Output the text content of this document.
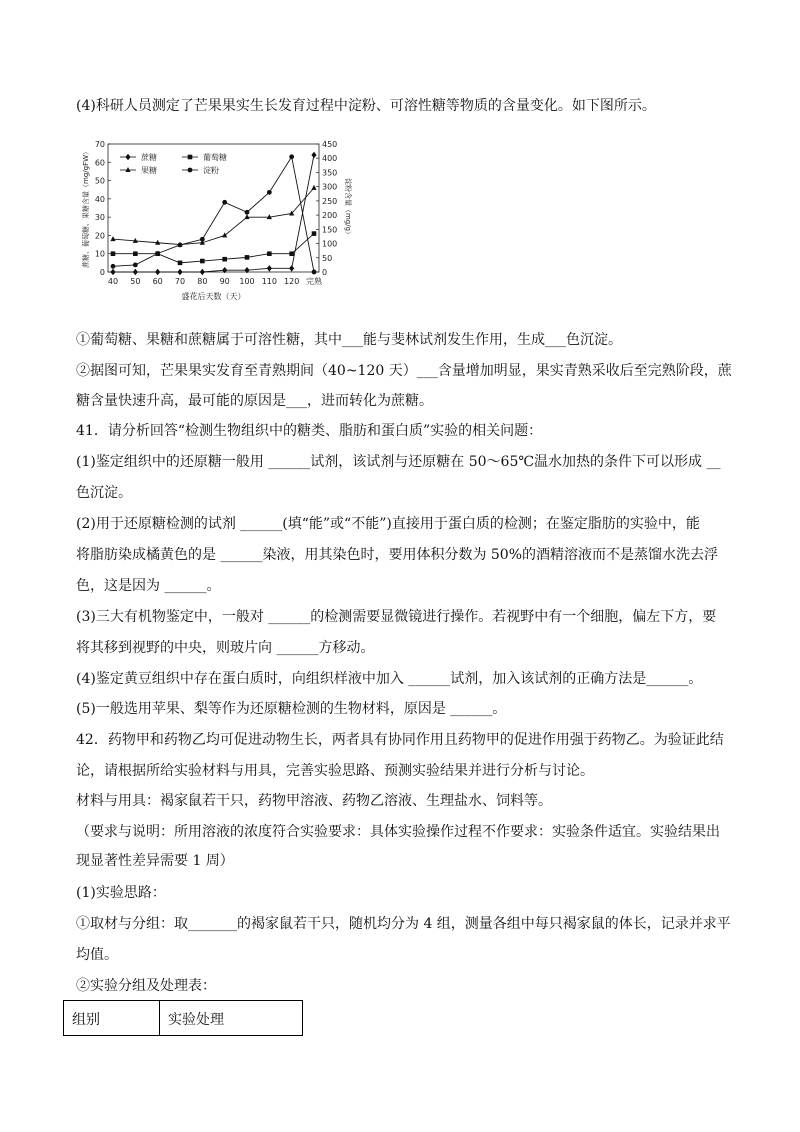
(4)科研人员测定了芒果果实生长发育过程中淀粉、可溶性糖等物质的含量变化。如下图所示。
0
10
20
30
40
50
60
70
0
50
100
150
200
250
300
350
400
450
40 50 60 70 80 90 100 110 120 完熟
盛花后天数（天）
蔗糖、葡萄糖、果糖含量（mg/gFW）	淀粉含量（mg/g）
蔗糖	葡萄糖
果糖	淀粉
①葡萄糖、果糖和蔗糖属于可溶性糖，其中___能与斐林试剂发生作用，生成___色沉淀。
②据图可知，芒果果实发育至青熟期间（40~120 天）___含量增加明显，果实青熟采收后至完熟阶段，蔗
糖含量快速升高，最可能的原因是___，进而转化为蔗糖。
41．请分析回答“检测生物组织中的糖类、脂肪和蛋白质”实验的相关问题：
(1)鉴定组织中的还原糖一般用 ______试剂，该试剂与还原糖在 50～65℃温水加热的条件下可以形成 __
色沉淀。
(2)用于还原糖检测的试剂 ______(填“能”或“不能”)直接用于蛋白质的检测；在鉴定脂肪的实验中，能
将脂肪染成橘黄色的是 ______染液，用其染色时，要用体积分数为 50%的酒精溶液而不是蒸馏水洗去浮
色，这是因为 ______。
(3)三大有机物鉴定中，一般对 ______的检测需要显微镜进行操作。若视野中有一个细胞，偏左下方，要
将其移到视野的中央，则玻片向 ______方移动。
(4)鉴定黄豆组织中存在蛋白质时，向组织样液中加入 ______试剂，加入该试剂的正确方法是______。
(5)一般选用苹果、梨等作为还原糖检测的生物材料，原因是 ______。
42．药物甲和药物乙均可促进动物生长，两者具有协同作用且药物甲的促进作用强于药物乙。为验证此结
论，请根据所给实验材料与用具，完善实验思路、预测实验结果并进行分析与讨论。
材料与用具：褐家鼠若干只，药物甲溶液、药物乙溶液、生理盐水、饲料等。
（要求与说明：所用溶液的浓度符合实验要求：具体实验操作过程不作要求：实验条件适宜。实验结果出
现显著性差异需要 1 周）
(1)实验思路：
①取材与分组：取_______的褐家鼠若干只，随机均分为 4 组，测量各组中每只褐家鼠的体长，记录并求平
均值。
②实验分组及处理表：
组别	实验处理
